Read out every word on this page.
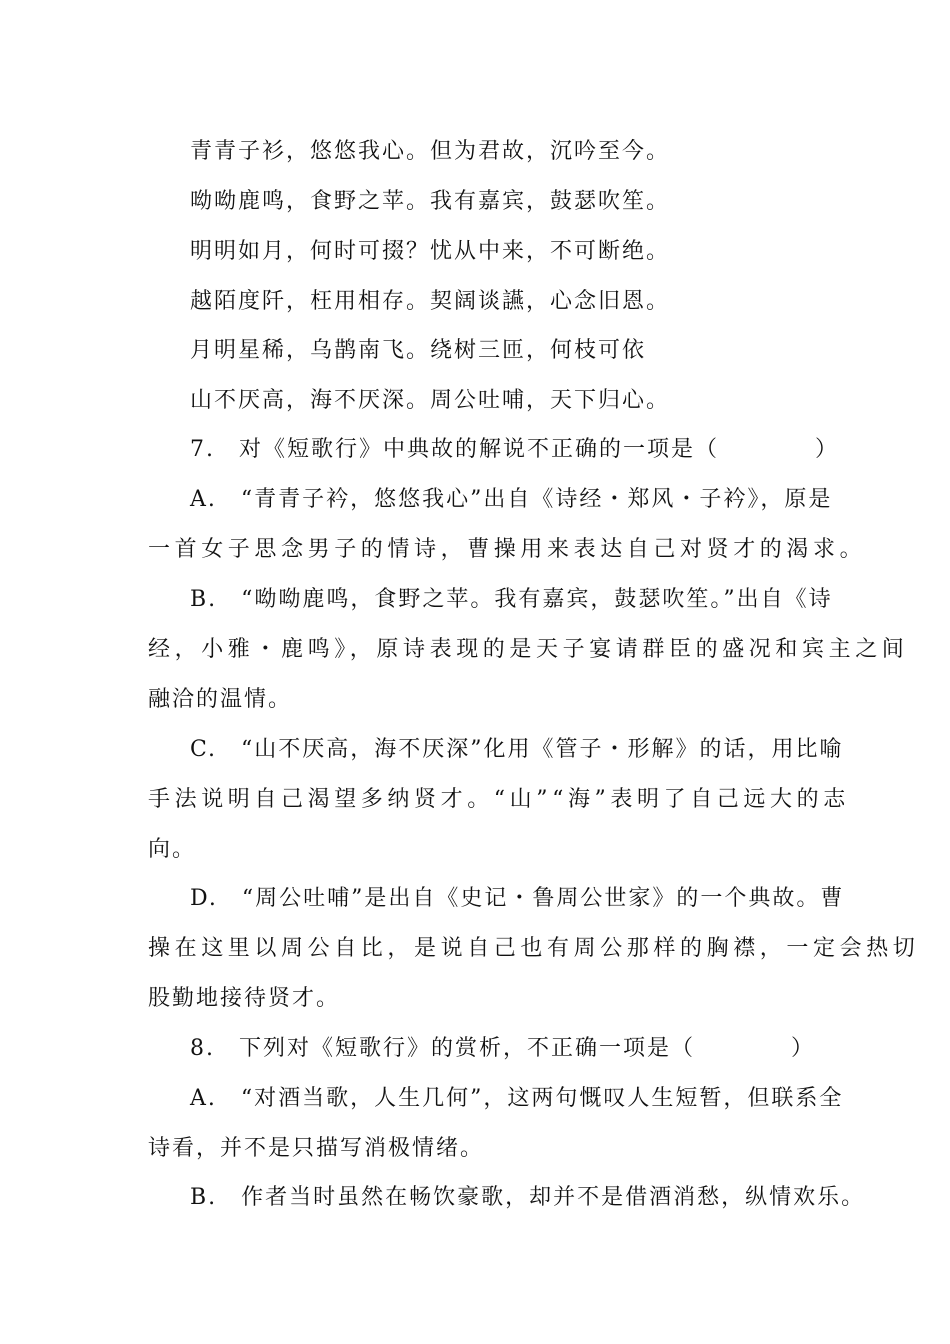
青青子衫，悠悠我心。但为君故，沉吟至今。
呦呦鹿鸣，食野之苹。我有嘉宾，鼓瑟吹笙。
明明如月，何时可掇？忧从中来，不可断绝。
越陌度阡，枉用相存。契阔谈讌，心念旧恩。
月明星稀，乌鹊南飞。绕树三匝，何枝可依
山不厌高，海不厌深。周公吐哺，天下归心。
7.　对《短歌行》中典故的解说不正确的一项是（　　　　）
A.　“青青子衿，悠悠我心”出自《诗经・郑风・子衿》，原是
一首女子思念男子的情诗，曹操用来表达自己对贤才的渴求。
B.　“呦呦鹿鸣，食野之苹。我有嘉宾，鼓瑟吹笙。”出自《诗
经，小雅・鹿鸣》，原诗表现的是天子宴请群臣的盛况和宾主之间
融洽的温情。
C.　“山不厌高，海不厌深”化用《管子・形解》的话，用比喻
手法说明自己渴望多纳贤才。“山”“海”表明了自己远大的志
向。
D.　“周公吐哺”是出自《史记・鲁周公世家》的一个典故。曹
操在这里以周公自比，是说自己也有周公那样的胸襟，一定会热切
股勤地接待贤才。
8.　下列对《短歌行》的赏析，不正确一项是（　　　　）
A.　“对酒当歌，人生几何”，这两句慨叹人生短暂，但联系全
诗看，并不是只描写消极情绪。
B.　作者当时虽然在畅饮豪歌，却并不是借酒消愁，纵情欢乐。
